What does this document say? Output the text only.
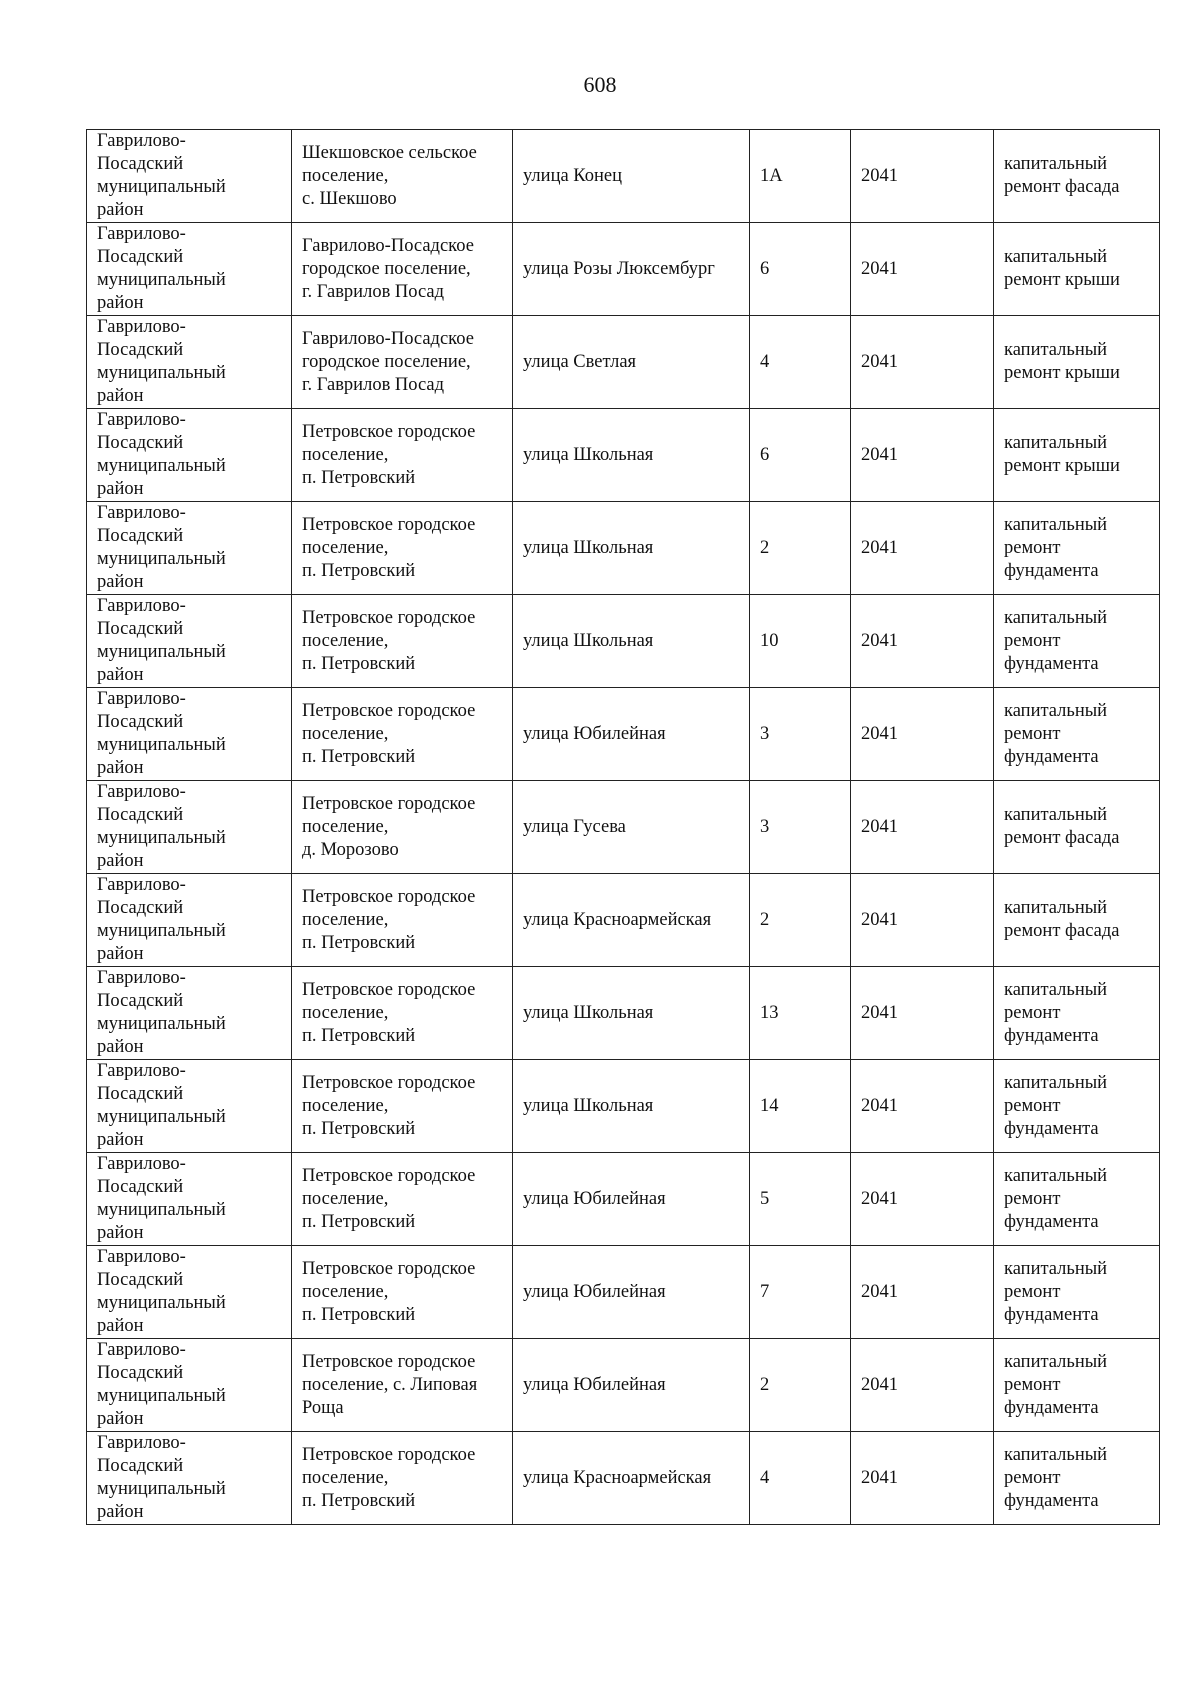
608
Гаврилово-
Посадский
муниципальный
район	Шекшовское сельское
поселение,
с. Шекшово	улица Конец	1А	2041	капитальный
ремонт фасада
Гаврилово-
Посадский
муниципальный
район	Гаврилово-Посадское
городское поселение,
г. Гаврилов Посад	улица Розы Люксембург	6	2041	капитальный
ремонт крыши
Гаврилово-
Посадский
муниципальный
район	Гаврилово-Посадское
городское поселение,
г. Гаврилов Посад	улица Светлая	4	2041	капитальный
ремонт крыши
Гаврилово-
Посадский
муниципальный
район	Петровское городское
поселение,
п. Петровский	улица Школьная	6	2041	капитальный
ремонт крыши
Гаврилово-
Посадский
муниципальный
район	Петровское городское
поселение,
п. Петровский	улица Школьная	2	2041	капитальный
ремонт
фундамента
Гаврилово-
Посадский
муниципальный
район	Петровское городское
поселение,
п. Петровский	улица Школьная	10	2041	капитальный
ремонт
фундамента
Гаврилово-
Посадский
муниципальный
район	Петровское городское
поселение,
п. Петровский	улица Юбилейная	3	2041	капитальный
ремонт
фундамента
Гаврилово-
Посадский
муниципальный
район	Петровское городское
поселение,
д. Морозово	улица Гусева	3	2041	капитальный
ремонт фасада
Гаврилово-
Посадский
муниципальный
район	Петровское городское
поселение,
п. Петровский	улица Красноармейская	2	2041	капитальный
ремонт фасада
Гаврилово-
Посадский
муниципальный
район	Петровское городское
поселение,
п. Петровский	улица Школьная	13	2041	капитальный
ремонт
фундамента
Гаврилово-
Посадский
муниципальный
район	Петровское городское
поселение,
п. Петровский	улица Школьная	14	2041	капитальный
ремонт
фундамента
Гаврилово-
Посадский
муниципальный
район	Петровское городское
поселение,
п. Петровский	улица Юбилейная	5	2041	капитальный
ремонт
фундамента
Гаврилово-
Посадский
муниципальный
район	Петровское городское
поселение,
п. Петровский	улица Юбилейная	7	2041	капитальный
ремонт
фундамента
Гаврилово-
Посадский
муниципальный
район	Петровское городское
поселение, с. Липовая
Роща	улица Юбилейная	2	2041	капитальный
ремонт
фундамента
Гаврилово-
Посадский
муниципальный
район	Петровское городское
поселение,
п. Петровский	улица Красноармейская	4	2041	капитальный
ремонт
фундамента
